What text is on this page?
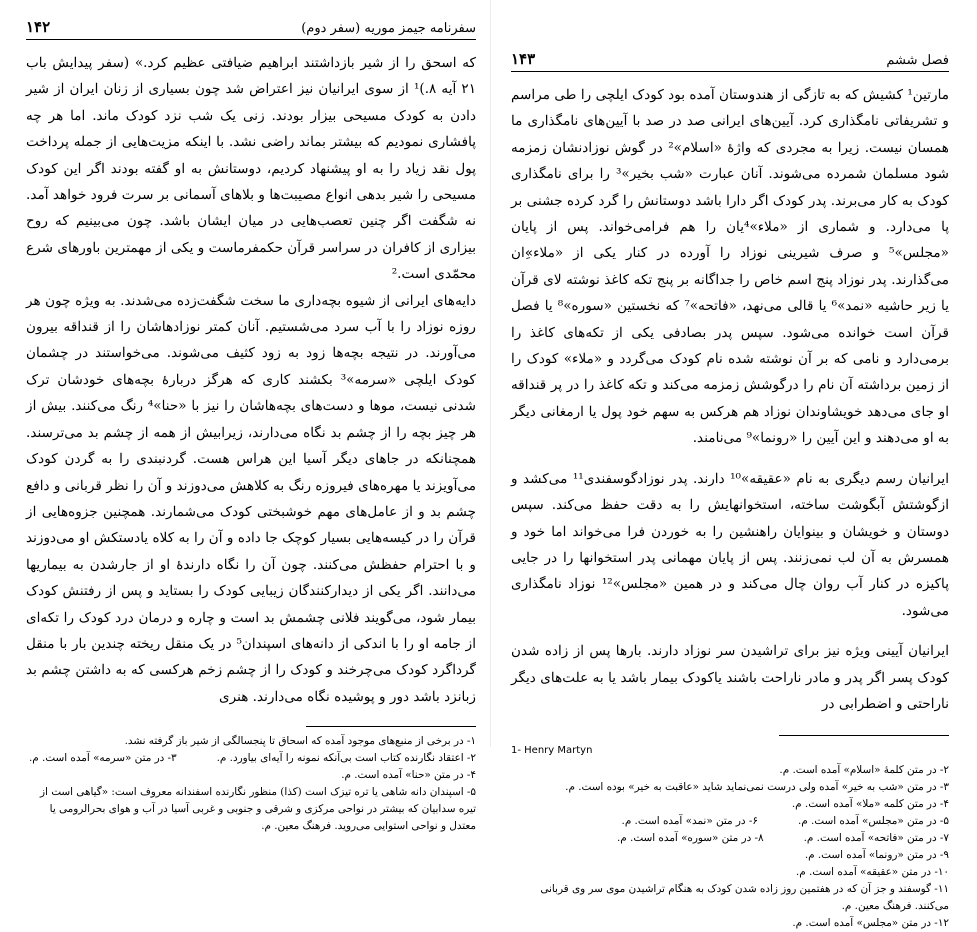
سفرنامه جیمز موریه (سفر دوم)
۱۴۲

که اسحق را از شیر بازداشتند ابراهیم ضیافتی عظیم کرد.» (سفر پیدایش باب ۲۱ آیه ۸.)¹ از سوی ایرانیان نیز اعتراض شد چون بسیاری از زنان ایران از شیر دادن به کودک مسیحی بیزار بودند. زنی یک شب نزد کودک ماند. اما هر چه پافشاری نمودیم که بیشتر بماند راضی نشد. با اینکه مزیت‌هایی از جمله پرداخت پول نقد زیاد را به او پیشنهاد کردیم، دوستانش به او گفته بودند اگر این کودک مسیحی را شیر بدهی انواع مصیبت‌ها و بلاهای آسمانی بر سرت فرود خواهد آمد. نه شگفت اگر چنین تعصب‌هایی در میان ایشان باشد. چون می‌بینیم که روح بیزاری از کافران در سراسر قرآن حکمفرماست و یکی از مهمترین باورهای شرع محمّدی است.²

دایه‌های ایرانی از شیوه بچه‌داری ما سخت شگفت‌زده می‌شدند. به ویژه چون هر روزه نوزاد را با آب سرد می‌شستیم. آنان کمتر نوزادهاشان را از قنداقه بیرون می‌آورند. در نتیجه بچه‌ها زود به زود کثیف می‌شوند. می‌خواستند در چشمان کودک ایلچی «سرمه»³ بکشند کاری که هرگز دربارهٔ بچه‌های خودشان ترک شدنی نیست، موها و دست‌های بچه‌هاشان را نیز با «حنا»⁴ رنگ می‌کنند. بیش از هر چیز بچه را از چشم بد نگاه می‌دارند، زیرابیش از همه از چشم بد می‌ترسند. همچنانکه در جاهای دیگر آسیا این هراس هست. گردنبندی را به گردن کودک می‌آویزند یا مهره‌های فیروزه رنگ به کلاهش می‌دوزند و آن را نظر قربانی و دافع چشم بد و از عامل‌های مهم خوشبختی کودک می‌شمارند. همچنین جزوه‌هایی از قرآن را در کیسه‌هایی بسیار کوچک جا داده و آن را به کلاه یادستکش او می‌دوزند و با احترام حفظش می‌کنند. چون آن را نگاه دارندهٔ او از جارشدن به بیماریها می‌دانند. اگر یکی از دیدارکنندگان زیبایی کودک را بستاید و پس از رفتنش کودک بیمار شود، می‌گویند فلانی چشمش بد است و چاره و درمان درد کودک را تکه‌ای از جامه او را با اندکی از دانه‌های اسپندان⁵ در یک منقل ریخته چندین بار با منقل گرداگرد کودک می‌چرخند و کودک را از چشم زخم هرکسی که به داشتن چشم بد زبانزد باشد دور و پوشیده نگاه می‌دارند. هنری

۱- در برخی از منبع‌های موجود آمده که اسحاق تا پنجسالگی از شیر باز گرفته نشد.
۲- اعتقاد نگارنده کتاب است بی‌آنکه نمونه را آیه‌ای بیاورد. م.
۳- در متن «سرمه» آمده است. م.
۴- در متن «حنا» آمده است. م.
۵- اسپندان دانه شاهی یا تره تیزک است (کذا) منظور نگارنده اسفندانه معروف است: «گیاهی است از تیره سدابیان که بیشتر در نواحی مرکزی و شرقی و جنوبی و غربی آسیا در آب و هوای بحرالرومی یا معتدل و نواحی استوایی می‌روید. فرهنگ معین. م.
فصل ششم
۱۴۳

مارتین¹ کشیش که به تازگی از هندوستان آمده بود کودک ایلچی را طی مراسم و تشریفاتی نامگذاری کرد. آیین‌های ایرانی صد در صد با آیین‌های نامگذاری ما همسان نیست. زیرا به مجردی که واژهٔ «اسلام»² در گوش نوزادنشان زمزمه شود مسلمان شمرده می‌شوند. آنان عبارت «شب بخیر»³ را برای نامگذاری کودک به کار می‌برند. پدر کودک اگر دارا باشد دوستانش را گرد کرده جشنی بر پا می‌دارد. و شماری از «ملاء»⁴یان را هم فرامی‌خواند. پس از پایان «مجلس»⁵ و صرف شیرینی نوزاد را آورده در کنار یکی از «ملاء»ِ‌ان می‌گذارند. پدر نوزاد پنج اسم خاص را جداگانه بر پنج تکه کاغذ نوشته لای قرآن یا زیر حاشیه «نمد»⁶ یا قالی می‌نهد، «فاتحه»⁷ که نخستین «سوره»⁸ یا فصل قرآن است خوانده می‌شود. سپس پدر بصادفی یکی از تکه‌های کاغذ را برمی‌دارد و نامی که بر آن نوشته شده نام کودک می‌گردد و «ملاء» کودک را از زمین برداشته آن نام را درگوشش زمزمه می‌کند و تکه کاغذ را در پر قنداقه او جای می‌دهد خویشاوندان نوزاد هم هرکس به سهم خود پول یا ارمغانی دیگر به او می‌دهند و این آیین را «رونما»⁹ می‌نامند.

ایرانیان رسم دیگری به نام «عقیقه»¹⁰ دارند. پدر نوزادگوسفندی¹¹ می‌کشد و ازگوشتش آبگوشت ساخته، استخوانهایش را به دقت حفظ می‌کند. سپس دوستان و خویشان و بینوایان راهنشین را به خوردن فرا می‌خواند اما خود و همسرش به آن لب نمی‌زنند. پس از پایان مهمانی پدر استخوانها را در جایی پاکیزه در کنار آب روان چال می‌کند و در همین «مجلس»¹² نوزاد نامگذاری می‌شود.

ایرانیان آیینی ویژه نیز برای تراشیدن سر نوزاد دارند. بارها پس از زاده شدن کودک پسر اگر پدر و مادر ناراحت باشند یاکودک بیمار باشد یا به علت‌های دیگر ناراحتی و اضطرابی در

1- Henry Martyn
۲- در متن کلمهٔ «اسلام» آمده است. م.
۳- در متن «شب به خیر» آمده ولی درست نمی‌نماید شاید «عاقبت به خیر» بوده است. م.
۴- در متن کلمه «ملا» آمده است. م.
۵- در متن «مجلس» آمده است. م.
۶- در متن «نمد» آمده است. م.
۷- در متن «فاتحه» آمده است. م.
۸- در متن «سوره» آمده است. م.
۹- در متن «رونما» آمده است. م.
۱۰- در متن «عقیقه» آمده است. م.
۱۱- گوسفند و جز آن که در هفتمین روز زاده شدن کودک به هنگام تراشیدن موی سر وی قربانی می‌کنند. فرهنگ معین. م.
۱۲- در متن «مجلس» آمده است. م.
